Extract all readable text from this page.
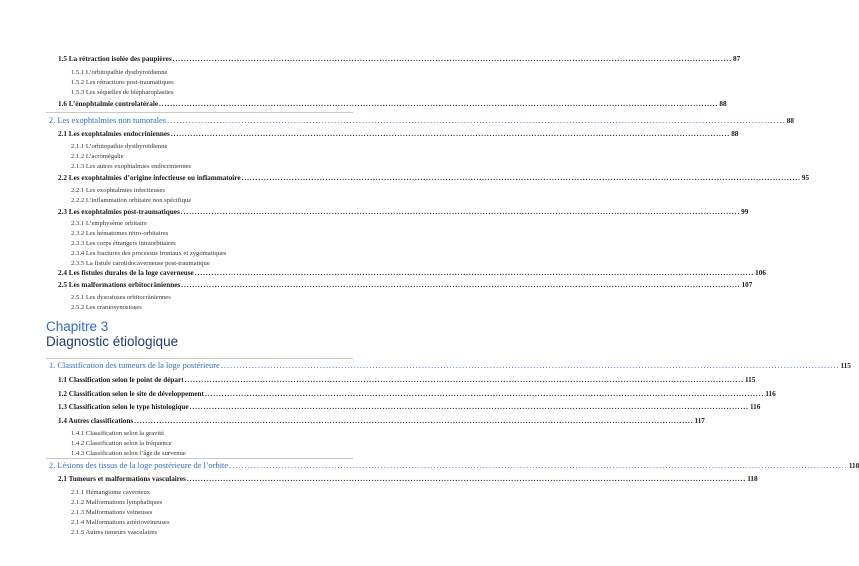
Chapitre 3
Diagnostic étiologique
1.5 La rétraction isolée des paupières ........................................................................................................................................................................................................ 87
1.5.1 L’orbitopathie dysthyroïdienne
1.5.2 Les rétractions post-traumatiques
1.5.3 Les séquelles de blépharoplasties
1.6 L’énophtalmie controlatérale ........................................................................................................................................................................................................ 88
2. Les exophtalmies non tumorales ........................................................................................................................................................................................................ 88
2.1 Les exophtalmies endocriniennes ........................................................................................................................................................................................................ 88
2.1.1 L’orbitopathie dysthyroïdienne
2.1.2 L’acromégalie
2.1.3 Les autres exophtalmies endocriniennes
2.2 Les exophtalmies d’origine infectieuse ou inflammatoire ........................................................................................................................................................................................................ 95
2.2.1 Les exophtalmies infectieuses
2.2.2 L’inflammation orbitaire non spécifique
2.3 Les exophtalmies post-traumatiques ........................................................................................................................................................................................................ 99
2.3.1 L’emphysème orbitaire
2.3.2 Les hématomes rétro-orbitaires
2.3.3 Les corps étrangers intraorbitaires
2.3.4 Les fractures des processus frontaux et zygomatiques
2.3.5 La fistule carotidocaverneuse post-traumatique
2.4 Les fistules durales de la loge caverneuse ........................................................................................................................................................................................................ 106
2.5 Les malformations orbitocrâniennes ........................................................................................................................................................................................................ 107
2.5.1 Les dysostoses orbitocrâniennes
2.5.2 Les craniosynostoses
1. Classification des tumeurs de la loge postérieure ........................................................................................................................................................................................................ 115
1.1 Classification selon le point de départ ........................................................................................................................................................................................................ 115
1.2 Classification selon le site de développement ........................................................................................................................................................................................................ 116
1.3 Classification selon le type histologique ........................................................................................................................................................................................................ 116
1.4 Autres classifications ........................................................................................................................................................................................................ 117
1.4.1 Classification selon la gravité
1.4.2 Classification selon la fréquence
1.4.3 Classification selon l’âge de survenue
2. Lésions des tissus de la loge postérieure de l’orbite ........................................................................................................................................................................................................ 118
2.1 Tumeurs et malformations vasculaires ........................................................................................................................................................................................................ 118
2.1.1 Hémangiome caverneux
2.1.2 Malformations lymphatiques
2.1.3 Malformations veineuses
2.1.4 Malformations artérioveineuses
2.1.5 Autres tumeurs vasculaires
